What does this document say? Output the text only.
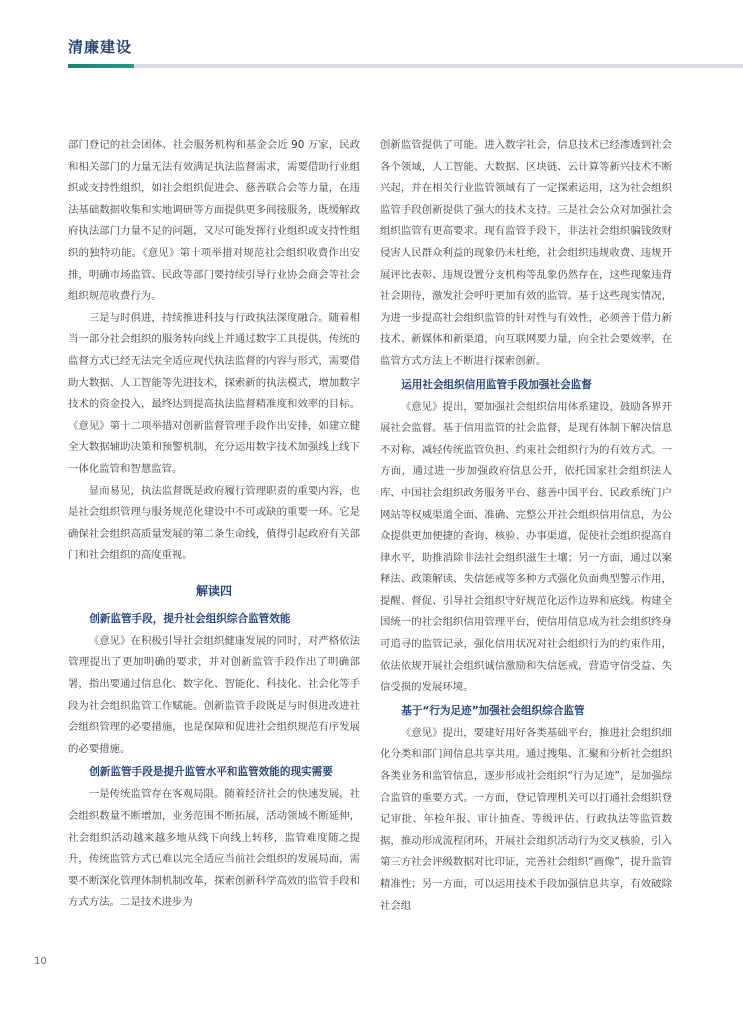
清廉建设

部门登记的社会团体、社会服务机构和基金会近 90 万家，民政和相关部门的力量无法有效满足执法监督需求，需要借助行业组织或支持性组织，如社会组织促进会、慈善联合会等力量，在违法基础数据收集和实地调研等方面提供更多间接服务，既缓解政府执法部门力量不足的问题，又尽可能发挥行业组织或支持性组织的独特功能。《意见》第十项举措对规范社会组织收费作出安排，明确市场监管、民政等部门要持续引导行业协会商会等社会组织规范收费行为。

三是与时俱进，持续推进科技与行政执法深度融合。随着相当一部分社会组织的服务转向线上并通过数字工具提供，传统的监督方式已经无法完全适应现代执法监督的内容与形式，需要借助大数据、人工智能等先进技术，探索新的执法模式，增加数字技术的资金投入，最终达到提高执法监督精准度和效率的目标。《意见》第十二项举措对创新监督管理手段作出安排，如建立健全大数据辅助决策和预警机制，充分运用数字技术加强线上线下一体化监管和智慧监管。

显而易见，执法监督既是政府履行管理职责的重要内容，也是社会组织管理与服务规范化建设中不可或缺的重要一环。它是确保社会组织高质量发展的第二条生命线，值得引起政府有关部门和社会组织的高度重视。

解读四
创新监管手段，提升社会组织综合监管效能

《意见》在积极引导社会组织健康发展的同时，对严格依法管理提出了更加明确的要求，并对创新监管手段作出了明确部署，指出要通过信息化、数字化、智能化、科技化、社会化等手段为社会组织监管工作赋能。创新监管手段既是与时俱进改进社会组织管理的必要措施，也是保障和促进社会组织规范有序发展的必要措施。

创新监管手段是提升监管水平和监管效能的现实需要

一是传统监管存在客观局限。随着经济社会的快速发展，社会组织数量不断增加，业务范围不断拓展，活动领域不断延伸，社会组织活动越来越多地从线下向线上转移，监管难度随之提升，传统监管方式已难以完全适应当前社会组织的发展局面，需要不断深化管理体制机制改革，探索创新科学高效的监管手段和方式方法。二是技术进步为

创新监管提供了可能。进入数字社会，信息技术已经渗透到社会各个领域，人工智能、大数据、区块链、云计算等新兴技术不断兴起，并在相关行业监管领域有了一定探索运用，这为社会组织监管手段创新提供了强大的技术支持。三是社会公众对加强社会组织监管有更高要求。现有监管手段下，非法社会组织骗钱敛财侵害人民群众利益的现象仍未杜绝，社会组织违规收费、违规开展评比表彰、违规设置分支机构等乱象仍然存在，这些现象违背社会期待，激发社会呼吁更加有效的监管。基于这些现实情况，为进一步提高社会组织监管的针对性与有效性，必须善于借力新技术、新媒体和新渠道，向互联网要力量，向全社会要效率，在监管方式方法上不断进行探索创新。

运用社会组织信用监管手段加强社会监督

《意见》提出，要加强社会组织信用体系建设，鼓励各界开展社会监督。基于信用监管的社会监督，是现有体制下解决信息不对称、减轻传统监管负担、约束社会组织行为的有效方式。一方面，通过进一步加强政府信息公开，依托国家社会组织法人库、中国社会组织政务服务平台、慈善中国平台、民政系统门户网站等权威渠道全面、准确、完整公开社会组织信用信息，为公众提供更加便捷的查询、核验、办事渠道，促使社会组织提高自律水平，助推消除非法社会组织滋生土壤；另一方面，通过以案释法、政策解读、失信惩戒等多种方式强化负面典型警示作用，提醒、督促、引导社会组织守好规范化运作边界和底线。构建全国统一的社会组织信用管理平台，使信用信息成为社会组织终身可追寻的监管记录，强化信用状况对社会组织行为的约束作用，依法依规开展社会组织诚信激励和失信惩戒，营造守信受益、失信受损的发展环境。

基于“行为足迹”加强社会组织综合监管

《意见》提出，要建好用好各类基础平台，推进社会组织细化分类和部门间信息共享共用。通过搜集、汇聚和分析社会组织各类业务和监管信息，逐步形成社会组织“行为足迹”，是加强综合监管的重要方式。一方面，登记管理机关可以打通社会组织登记审批、年检年报、审计抽查、等级评估、行政执法等监管数据，推动形成流程闭环，开展社会组织活动行为交叉核验，引入第三方社会评级数据对比印证，完善社会组织“画像”，提升监管精准性；另一方面，可以运用技术手段加强信息共享，有效破除社会组

10
